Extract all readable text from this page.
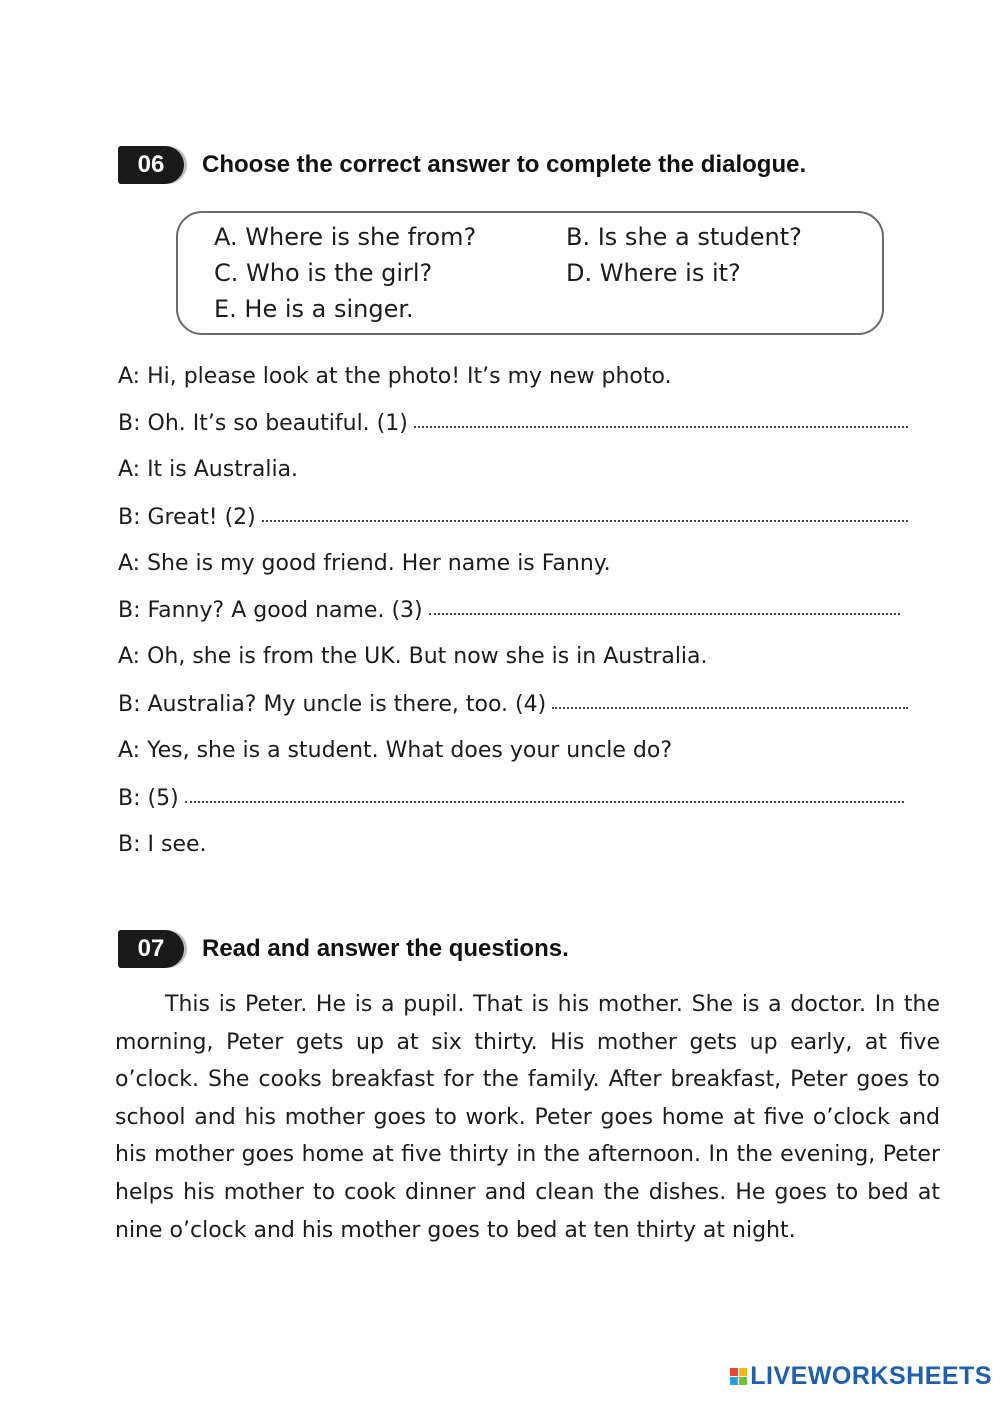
06	Choose the correct answer to complete the dialogue.
A. Where is she from?	B. Is she a student?
C. Who is the girl?	D. Where is it?
E. He is a singer.
A: Hi, please look at the photo! It’s my new photo.
B: Oh. It’s so beautiful. (1)
A: It is Australia.
B: Great! (2)
A: She is my good friend. Her name is Fanny.
B: Fanny? A good name. (3)
A: Oh, she is from the UK. But now she is in Australia.
B: Australia? My uncle is there, too. (4)
A: Yes, she is a student. What does your uncle do?
B: (5)
B: I see.
07	Read and answer the questions.

This is Peter. He is a pupil. That is his mother. She is a doctor. In the morning, Peter gets up at six thirty. His mother gets up early, at five o’clock. She cooks breakfast for the family. After breakfast, Peter goes to school and his mother goes to work. Peter goes home at five o’clock and his mother goes home at five thirty in the afternoon. In the evening, Peter helps his mother to cook dinner and clean the dishes. He goes to bed at nine o’clock and his mother goes to bed at ten thirty at night.

LIVEWORKSHEETS
